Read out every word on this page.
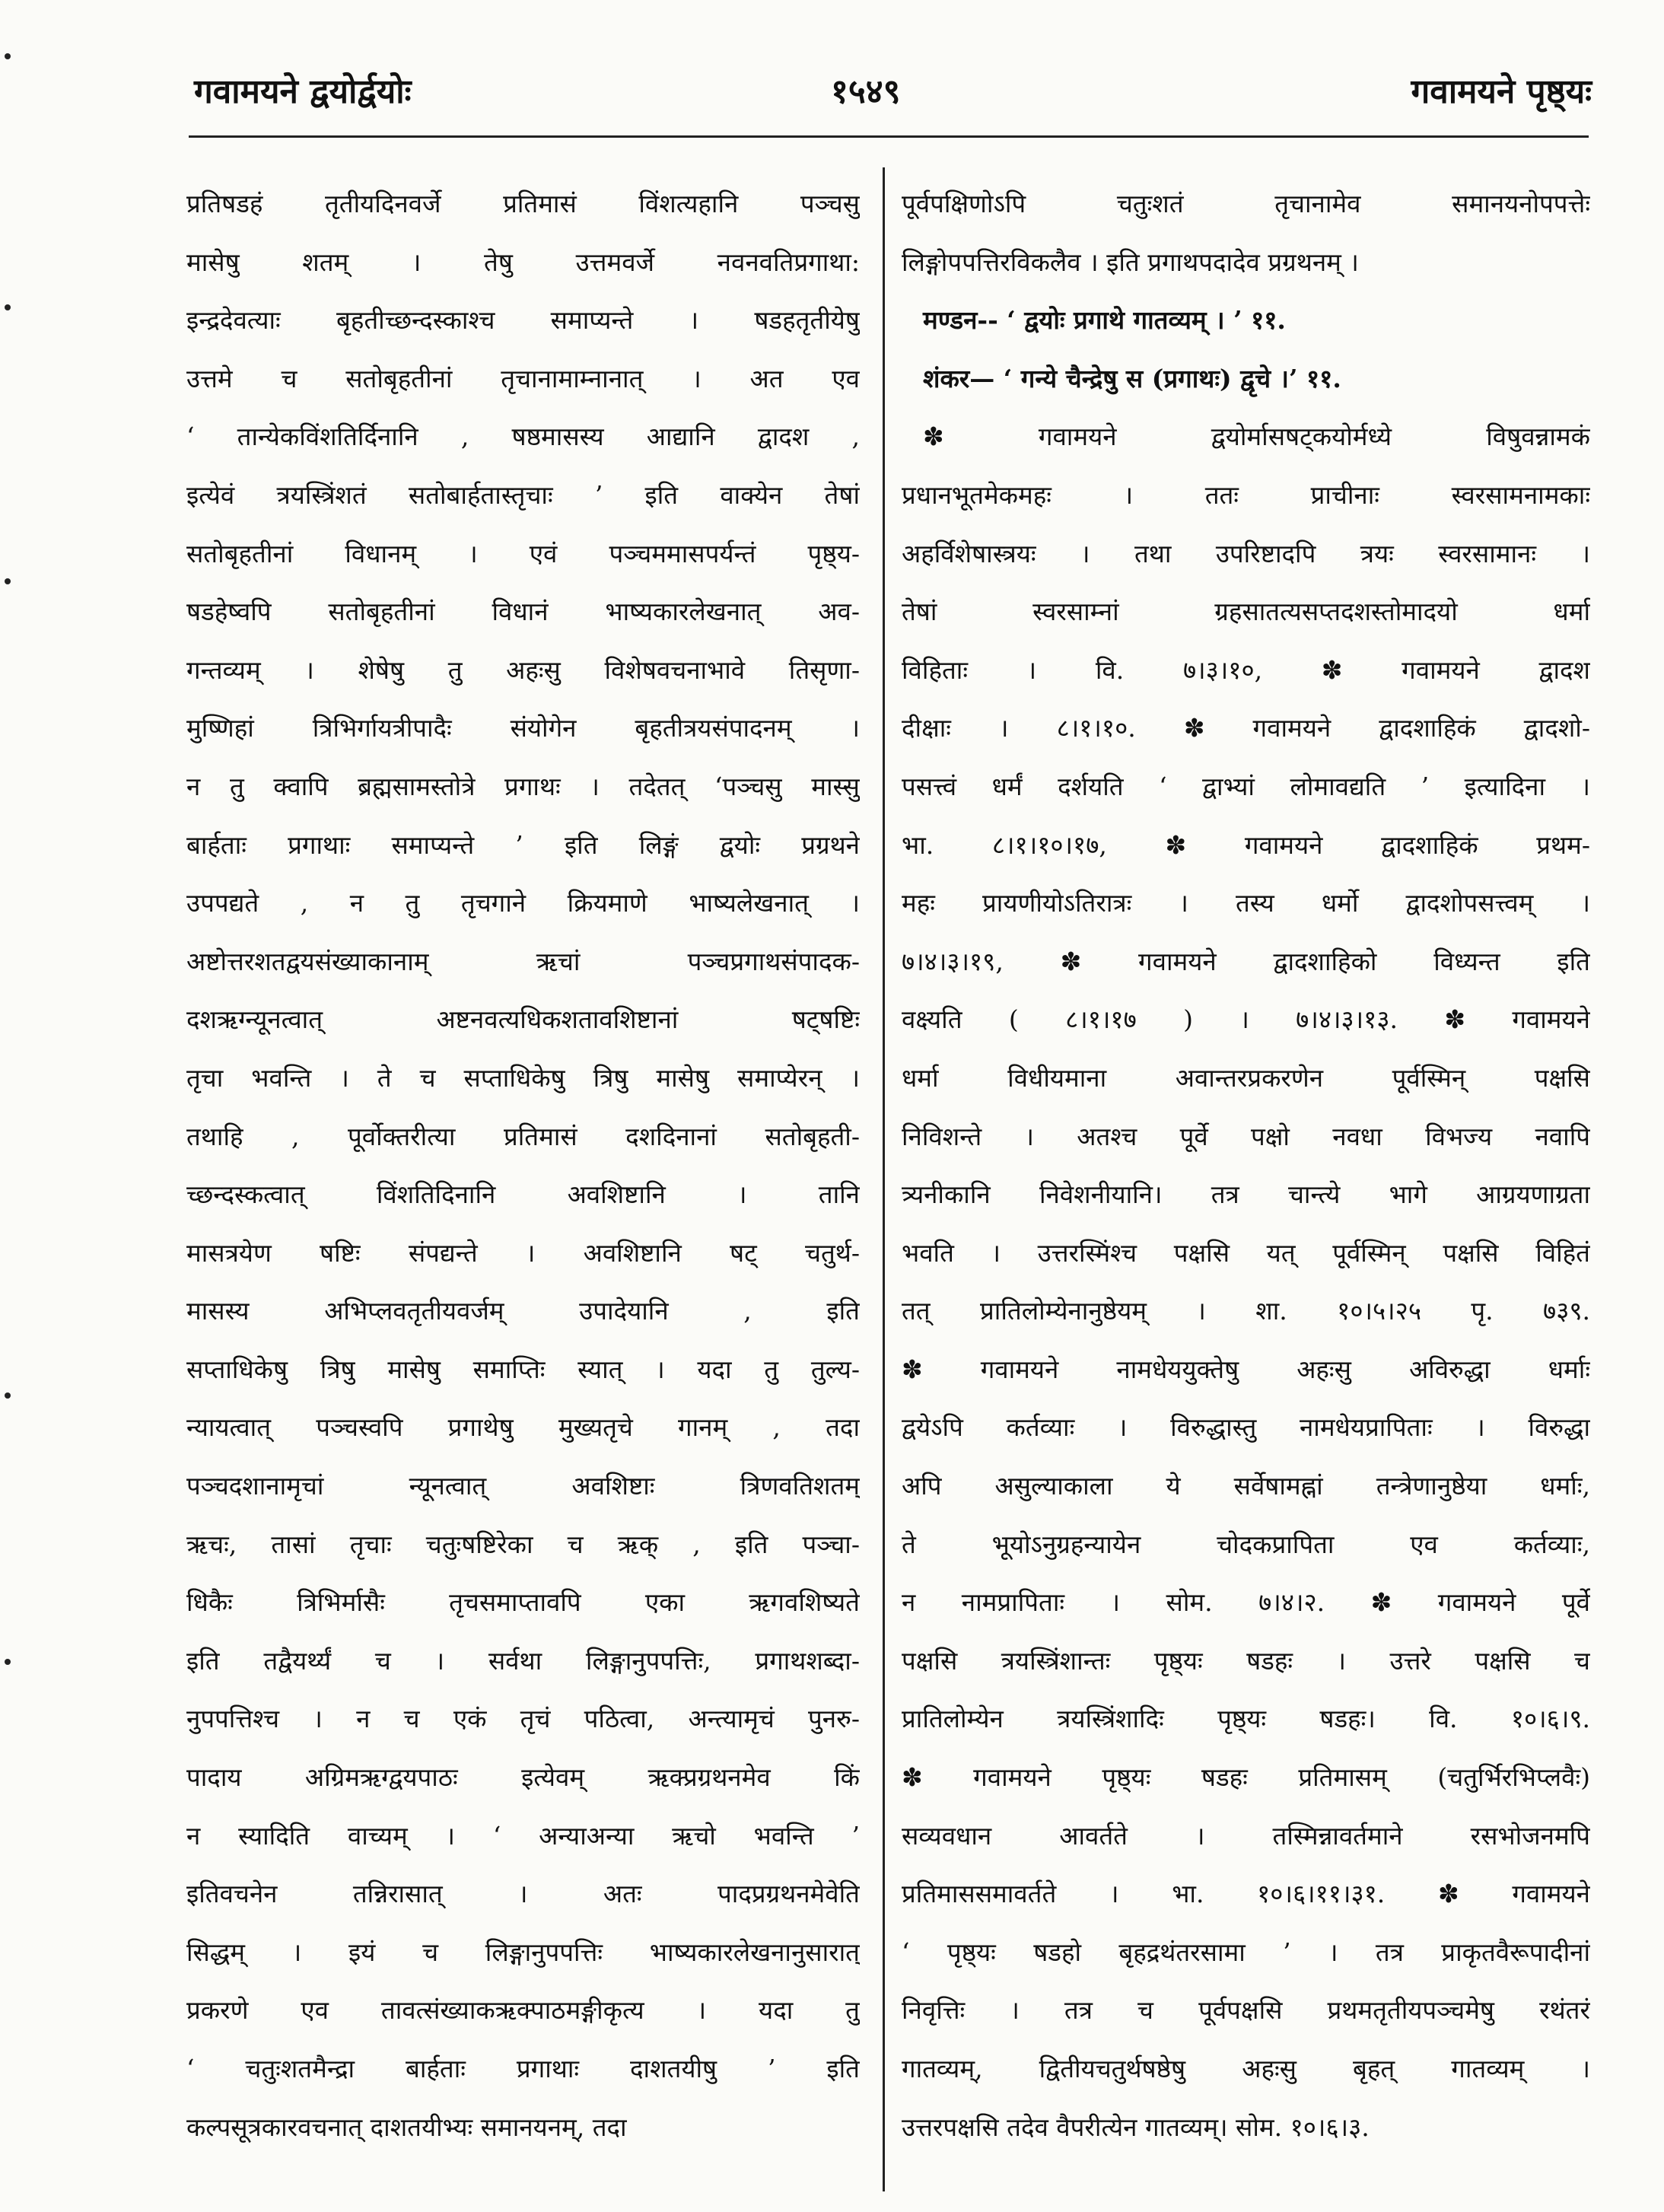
गवामयने द्वयोर्द्वयोः	१५४९	गवामयने पृष्ठ्यः
प्रतिषडहं तृतीयदिनवर्जे प्रतिमासं विंशत्यहानि पञ्चसु
मासेषु शतम् । तेषु उत्तमवर्जे नवनवतिप्रगाथा:
इन्द्रदेवत्याः बृहतीच्छन्दस्काश्च समाप्यन्ते । षडहतृतीयेषु
उत्तमे च सतोबृहतीनां तृचानामाम्नानात् । अत एव
‘ तान्येकविंशतिर्दिनानि , षष्ठमासस्य आद्यानि द्वादश ,
इत्येवं त्रयस्त्रिंशतं सतोबार्हतास्तृचाः ’ इति वाक्येन तेषां
सतोबृहतीनां विधानम् । एवं पञ्चममासपर्यन्तं पृष्ठ्य-
षडहेष्वपि सतोबृहतीनां विधानं भाष्यकारलेखनात् अव-
गन्तव्यम् । शेषेषु तु अहःसु विशेषवचनाभावे तिसृणा-
मुष्णिहां त्रिभिर्गायत्रीपादैः संयोगेन बृहतीत्रयसंपादनम् ।
न तु क्वापि ब्रह्मसामस्तोत्रे प्रगाथः । तदेतत् ‘पञ्चसु मास्सु
बार्हताः प्रगाथाः समाप्यन्ते ’ इति लिङ्गं द्वयोः प्रग्रथने
उपपद्यते , न तु तृचगाने क्रियमाणे भाष्यलेखनात् ।
अष्टोत्तरशतद्वयसंख्याकानाम् ऋचां पञ्चप्रगाथसंपादक-
दशऋग्न्यूनत्वात् अष्टनवत्यधिकशतावशिष्टानां षट्षष्टिः
तृचा भवन्ति । ते च सप्ताधिकेषु त्रिषु मासेषु समाप्येरन् ।
तथाहि , पूर्वोक्तरीत्या प्रतिमासं दशदिनानां सतोबृहती-
च्छन्दस्कत्वात् विंशतिदिनानि अवशिष्टानि । तानि
मासत्रयेण षष्टिः संपद्यन्ते । अवशिष्टानि षट् चतुर्थ-
मासस्य अभिप्लवतृतीयवर्जम् उपादेयानि , इति
सप्ताधिकेषु त्रिषु मासेषु समाप्तिः स्यात् । यदा तु तुल्य-
न्यायत्वात् पञ्चस्वपि प्रगाथेषु मुख्यतृचे गानम् , तदा
पञ्चदशानामृचां न्यूनत्वात् अवशिष्टाः त्रिणवतिशतम्
ऋचः, तासां तृचाः चतुःषष्टिरेका च ऋक् , इति पञ्चा-
धिकैः त्रिभिर्मासैः तृचसमाप्तावपि एका ऋगवशिष्यते
इति तद्वैयर्थ्यं च । सर्वथा लिङ्गानुपपत्तिः, प्रगाथशब्दा-
नुपपत्तिश्च । न च एकं तृचं पठित्वा, अन्त्यामृचं पुनरु-
पादाय अग्रिमऋग्द्वयपाठः इत्येवम् ऋक्प्रग्रथनमेव किं
न स्यादिति वाच्यम् । ‘ अन्याअन्या ऋचो भवन्ति ’
इतिवचनेन तन्निरासात् । अतः पादप्रग्रथनमेवेति
सिद्धम् । इयं च लिङ्गानुपपत्तिः भाष्यकारलेखनानुसारात्
प्रकरणे एव तावत्संख्याकऋक्पाठमङ्गीकृत्य । यदा तु
‘ चतुःशतमैन्द्रा बार्हताः प्रगाथाः दाशतयीषु ’ इति
कल्पसूत्रकारवचनात् दाशतयीभ्यः समानयनम्, तदा
पूर्वपक्षिणोऽपि चतुःशतं तृचानामेव समानयनोपपत्तेः
लिङ्गोपपत्तिरविकलैव । इति प्रगाथपदादेव प्रग्रथनम् ।
मण्डन-- ‘ द्वयोः प्रगाथे गातव्यम् । ’ ११.
शंकर— ‘ गन्ये चैन्द्रेषु स (प्रगाथः) द्वृचे ।’ ११.
✽ गवामयने द्वयोर्मासषट्कयोर्मध्ये विषुवन्नामकं
प्रधानभूतमेकमहः । ततः प्राचीनाः स्वरसामनामकाः
अहर्विशेषास्त्रयः । तथा उपरिष्टादपि त्रयः स्वरसामानः ।
तेषां स्वरसाम्नां ग्रहसातत्यसप्तदशस्तोमादयो धर्मा
विहिताः । वि. ७।३।१०, ✽ गवामयने द्वादश
दीक्षाः । ८।१।१०. ✽ गवामयने द्वादशाहिकं द्वादशो-
पसत्त्वं धर्मं दर्शयति ‘ द्वाभ्यां लोमावद्यति ’ इत्यादिना ।
भा. ८।१।१०।१७, ✽ गवामयने द्वादशाहिकं प्रथम-
महः प्रायणीयोऽतिरात्रः । तस्य धर्मो द्वादशोपसत्त्वम् ।
७।४।३।१९, ✽ गवामयने द्वादशाहिको विध्यन्त इति
वक्ष्यति ( ८।१।१७ ) । ७।४।३।१३. ✽ गवामयने
धर्मा विधीयमाना अवान्तरप्रकरणेन पूर्वस्मिन् पक्षसि
निविशन्ते । अतश्च पूर्वे पक्षो नवधा विभज्य नवापि
त्र्यनीकानि निवेशनीयानि। तत्र चान्त्ये भागे आग्रयणाग्रता
भवति । उत्तरस्मिंश्च पक्षसि यत् पूर्वस्मिन् पक्षसि विहितं
तत् प्रातिलोम्येनानुष्ठेयम् । शा. १०।५।२५ पृ. ७३९.
✽ गवामयने नामधेययुक्तेषु अहःसु अविरुद्धा धर्माः
द्वयेऽपि कर्तव्याः । विरुद्धास्तु नामधेयप्रापिताः । विरुद्धा
अपि असुल्याकाला ये सर्वेषामह्नां तन्त्रेणानुष्ठेया धर्माः,
ते भूयोऽनुग्रहन्यायेन चोदकप्रापिता एव कर्तव्याः,
न नामप्रापिताः । सोम. ७।४।२. ✽ गवामयने पूर्वे
पक्षसि त्रयस्त्रिंशान्तः पृष्ठ्यः षडहः । उत्तरे पक्षसि च
प्रातिलोम्येन त्रयस्त्रिंशादिः पृष्ठ्यः षडहः। वि. १०।६।९.
✽ गवामयने पृष्ठ्यः षडहः प्रतिमासम् (चतुर्भिरभिप्लवैः)
सव्यवधान आवर्तते । तस्मिन्नावर्तमाने रसभोजनमपि
प्रतिमाससमावर्तते । भा. १०।६।११।३१. ✽ गवामयने
‘ पृष्ठ्यः षडहो बृहद्रथंतरसामा ’ । तत्र प्राकृतवैरूपादीनां
निवृत्तिः । तत्र च पूर्वपक्षसि प्रथमतृतीयपञ्चमेषु रथंतरं
गातव्यम्, द्वितीयचतुर्थषष्ठेषु अहःसु बृहत् गातव्यम् ।
उत्तरपक्षसि तदेव वैपरीत्येन गातव्यम्। सोम. १०।६।३.
